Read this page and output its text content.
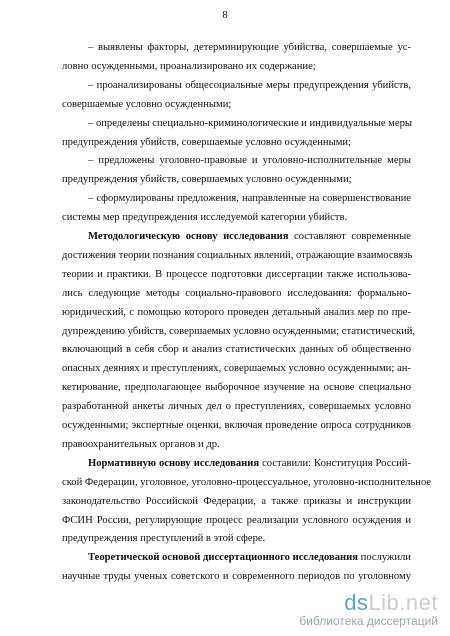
8
– выявлены факторы, детерминирующие убийства, совершаемые ус-
ловно осужденными, проанализировано их содержание;
– проанализированы общесоциальные меры предупреждения убийств,
совершаемые условно осужденными;
– определены специально-криминологические и индивидуальные меры
предупреждения убийств, совершаемые условно осужденными;
– предложены уголовно-правовые и уголовно-исполнительные меры
предупреждения убийств, совершаемых условно осужденными;
– сформулированы предложения, направленные на совершенствование
системы мер предупреждения исследуемой категории убийств.
Методологическую основу исследования составляют современные
достижения теории познания социальных явлений, отражающие взаимосвязь
теории и практики. В процессе подготовки диссертации также использова-
лись следующие методы социально-правового исследования: формально-
юридический, с помощью которого проведен детальный анализ мер по пре-
дупреждению убийств, совершаемых условно осужденными; статистический,
включающий в себя сбор и анализ статистических данных об общественно
опасных деяниях и преступлениях, совершаемых условно осужденными; ан-
кетирование, предполагающее выборочное изучение на основе специально
разработанной анкеты личных дел о преступлениях, совершаемых условно
осужденными; экспертные оценки, включая проведение опроса сотрудников
правоохранительных органов и др.
Нормативную основу исследования составили: Конституция Россий-
ской Федерации, уголовное, уголовно-процессуальное, уголовно-исполнительное
законодательство Российской Федерации, а также приказы и инструкции
ФСИН России, регулирующие процесс реализации условного осуждения и
предупреждения преступлений в этой сфере.
Теоретической основой диссертационного исследования послужили
научные труды ученых советского и современного периодов по уголовному
dsLib.net
библиотека диссертаций
